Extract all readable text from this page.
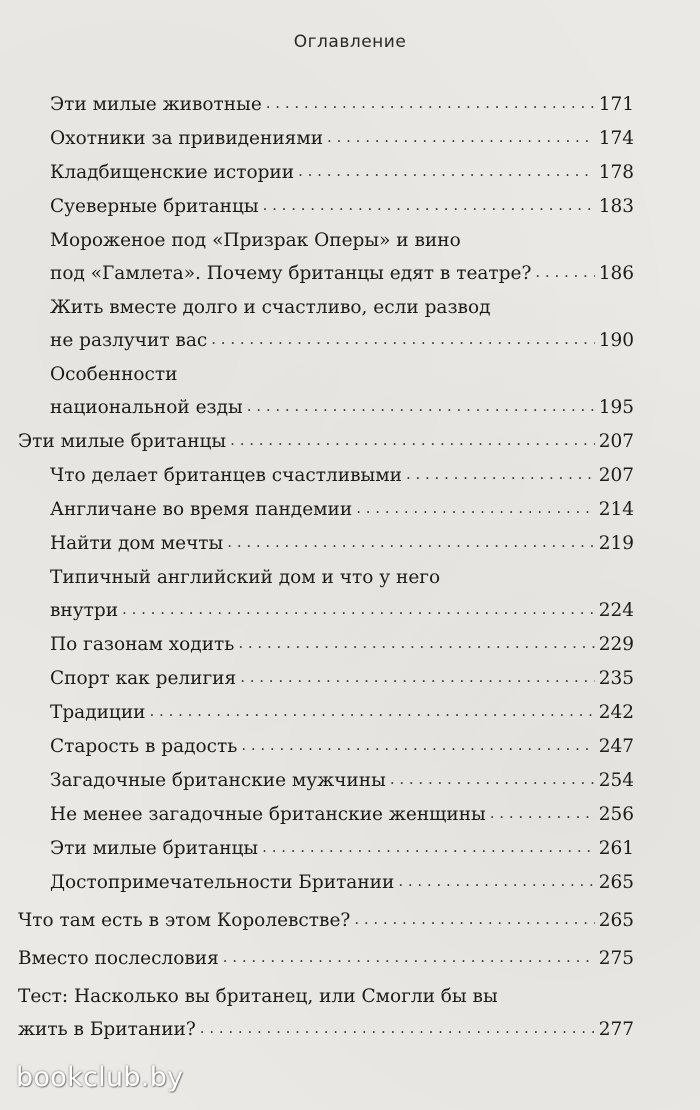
Оглавление
Эти милые животные . . .	171
Охотники за привидениями . . .	174
Кладбищенские истории . . .	178
Суеверные британцы . . .	183
Мороженое под «Призрак Оперы» и вино
под «Гамлета». Почему британцы едят в театре? . . .	186
Жить вместе долго и счастливо, если развод
не разлучит вас . . .	190
Особенности
национальной езды . . .	195
Эти милые британцы . . .	207
Что делает британцев счастливыми . . .	207
Англичане во время пандемии . . .	214
Найти дом мечты . . .	219
Типичный английский дом и что у него
внутри . . .	224
По газонам ходить . . .	229
Спорт как религия . . .	235
Традиции . . .	242
Старость в радость . . .	247
Загадочные британские мужчины . . .	254
Не менее загадочные британские женщины . . .	256
Эти милые британцы . . .	261
Достопримечательности Британии . . .	265
Что там есть в этом Королевстве? . . .	265
Вместо послесловия . . .	275
Тест: Насколько вы британец, или Смогли бы вы
жить в Британии? . . .	277
bookclub.by
